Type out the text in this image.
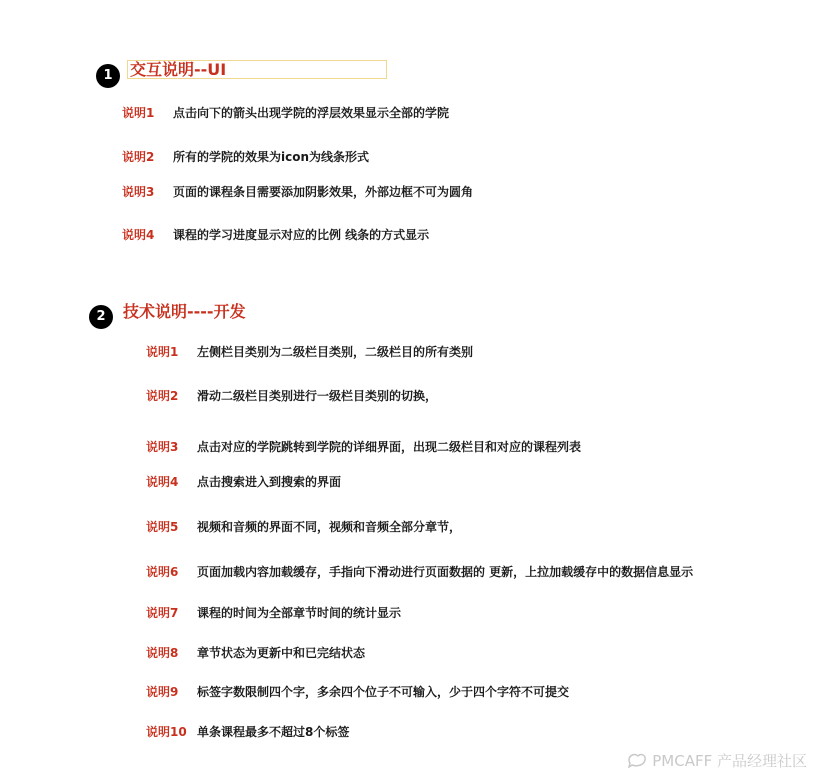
1	交互说明--UI
说明1 点击向下的箭头出现学院的浮层效果显示全部的学院
说明2 所有的学院的效果为icon为线条形式
说明3 页面的课程条目需要添加阴影效果，外部边框不可为圆角
说明4 课程的学习进度显示对应的比例 线条的方式显示
2	技术说明----开发
说明1 左侧栏目类别为二级栏目类别，二级栏目的所有类别
说明2 滑动二级栏目类别进行一级栏目类别的切换，
说明3 点击对应的学院跳转到学院的详细界面，出现二级栏目和对应的课程列表
说明4 点击搜索进入到搜索的界面
说明5 视频和音频的界面不同，视频和音频全部分章节，
说明6 页面加载内容加载缓存，手指向下滑动进行页面数据的 更新，上拉加载缓存中的数据信息显示
说明7 课程的时间为全部章节时间的统计显示
说明8 章节状态为更新中和已完结状态
说明9 标签字数限制四个字，多余四个位子不可输入，少于四个字符不可提交
说明10 单条课程最多不超过8个标签
PMCAFF 产品经理社区
